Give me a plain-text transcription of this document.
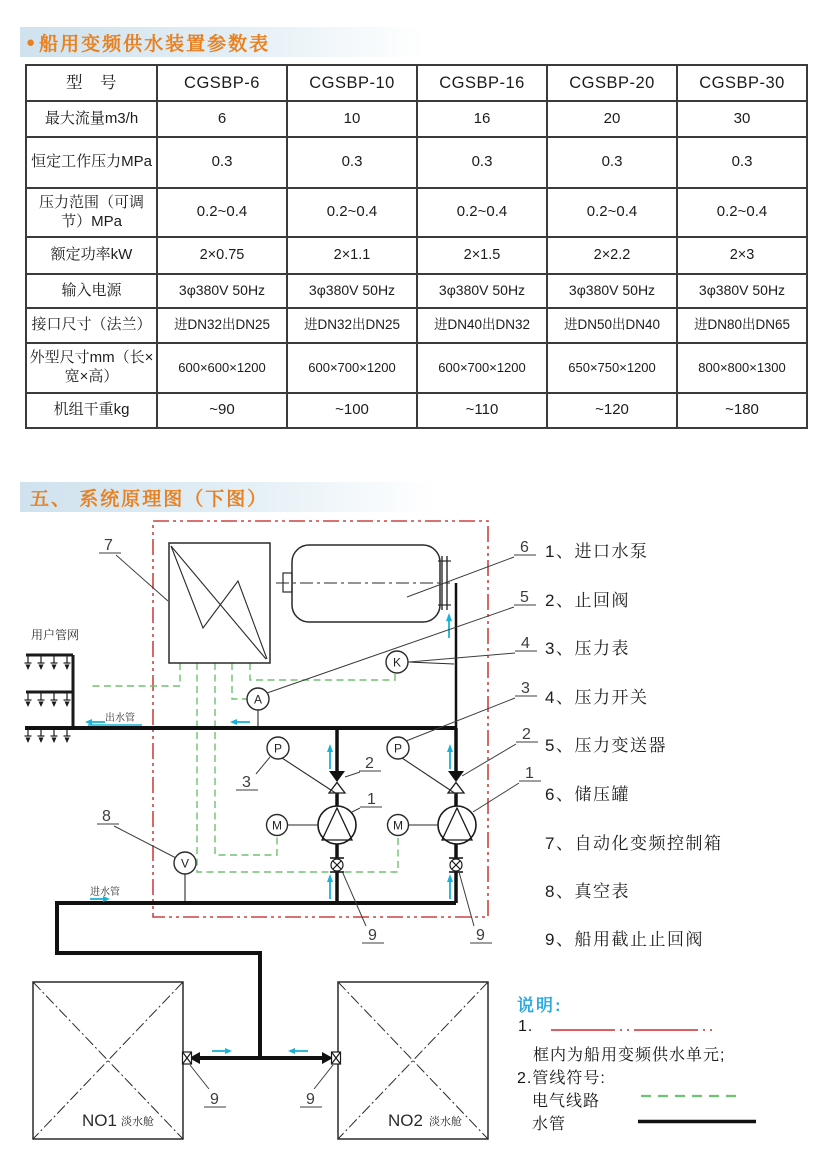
● 船用变频供水装置参数表
型　号	CGSBP-6	CGSBP-10	CGSBP-16	CGSBP-20	CGSBP-30
最大流量m3/h	6	10	16	20	30
恒定工作压力MPa	0.3	0.3	0.3	0.3	0.3
压力范围（可调节）MPa	0.2~0.4	0.2~0.4	0.2~0.4	0.2~0.4	0.2~0.4
额定功率kW	2×0.75	2×1.1	2×1.5	2×2.2	2×3
输入电源	3φ380V 50Hz	3φ380V 50Hz	3φ380V 50Hz	3φ380V 50Hz	3φ380V 50Hz
接口尺寸（法兰）	进DN32出DN25	进DN32出DN25	进DN40出DN32	进DN50出DN40	进DN80出DN65
外型尺寸mm（长×宽×高）	600×600×1200	600×700×1200	600×700×1200	650×750×1200	800×800×1300
机组干重kg	~90	~100	~110	~120	~180
五、 系统原理图（下图）
用户管网
NO1 淡水舱	NO2 淡水舱
P	P
A
K
V
M	M
出水管
进水管
7
8
3
2
1
6
5
4
3
2
1
9	9
9	9
1、进口水泵
2、止回阀
3、压力表
4、压力开关
5、压力变送器
6、储压罐
7、自动化变频控制箱
8、真空表
9、船用截止止回阀
说明:
1.
框内为船用变频供水单元;
2.管线符号:
电气线路
水管
